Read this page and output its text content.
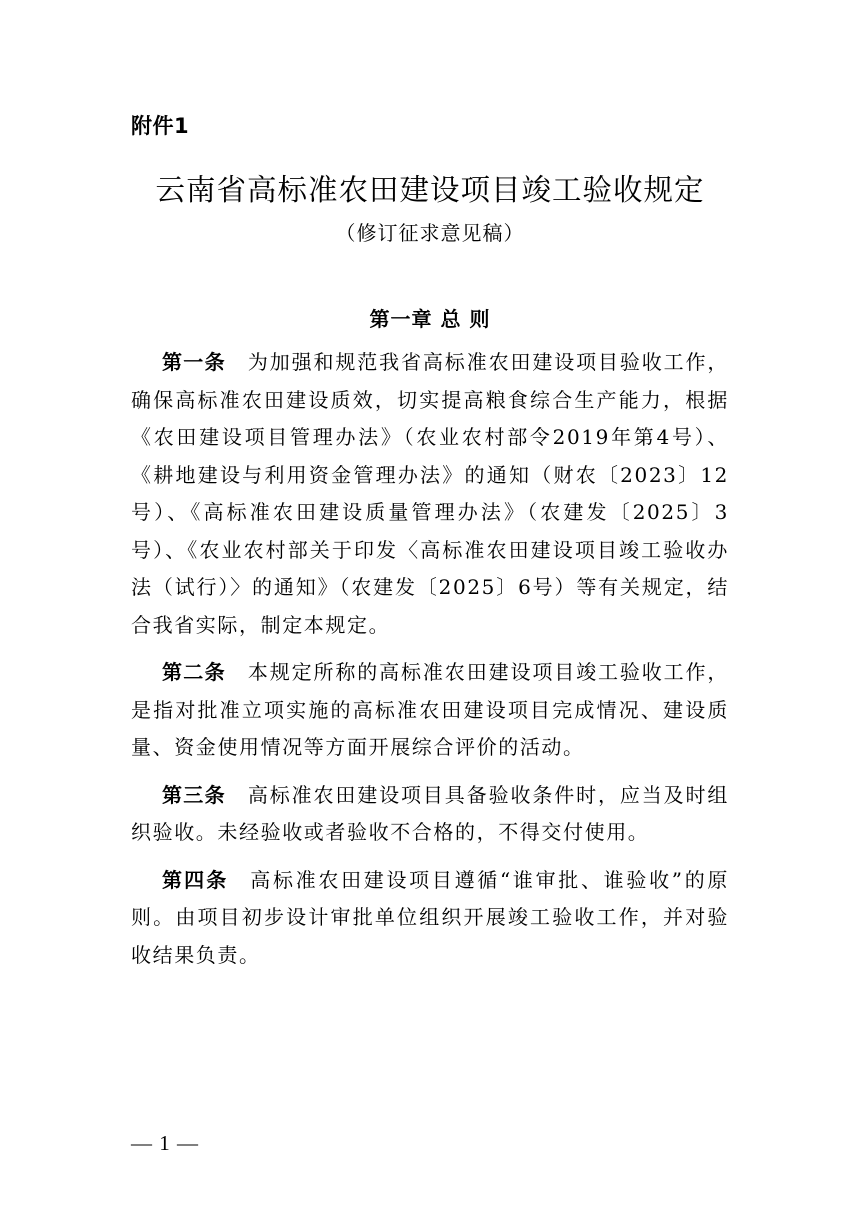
附件1
云南省高标准农田建设项目竣工验收规定
（修订征求意见稿）
第一章 总 则

第一条 为加强和规范我省高标准农田建设项目验收工作，确保高标准农田建设质效，切实提高粮食综合生产能力，根据《农田建设项目管理办法》（农业农村部令2019年第4号）、《耕地建设与利用资金管理办法》的通知（财农〔2023〕12号）、《高标准农田建设质量管理办法》（农建发〔2025〕3号）、《农业农村部关于印发〈高标准农田建设项目竣工验收办法（试行）〉的通知》（农建发〔2025〕6号）等有关规定，结合我省实际，制定本规定。

第二条 本规定所称的高标准农田建设项目竣工验收工作，是指对批准立项实施的高标准农田建设项目完成情况、建设质量、资金使用情况等方面开展综合评价的活动。

第三条 高标准农田建设项目具备验收条件时，应当及时组织验收。未经验收或者验收不合格的，不得交付使用。

第四条 高标准农田建设项目遵循“谁审批、谁验收”的原则。由项目初步设计审批单位组织开展竣工验收工作，并对验收结果负责。

— 1 —
